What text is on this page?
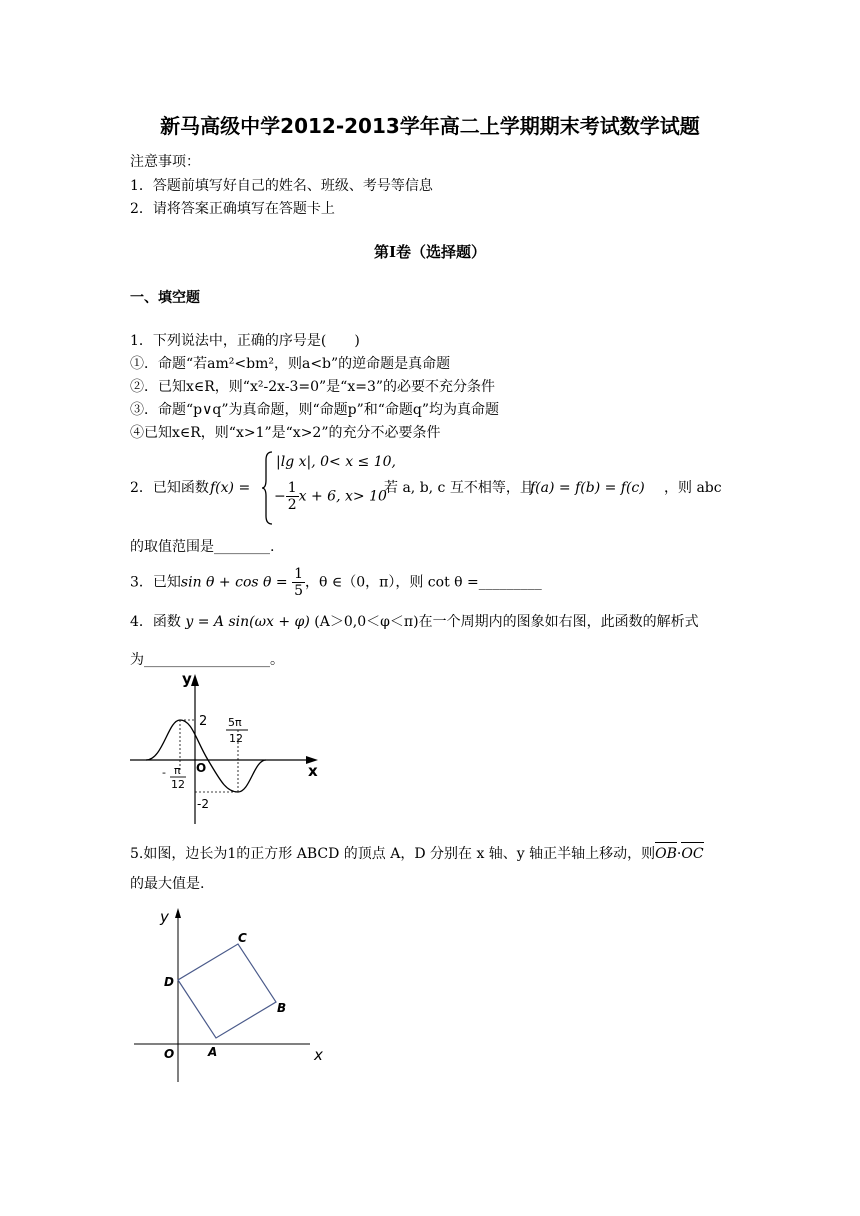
新马高级中学2012-2013学年高二上学期期末考试数学试题
注意事项：
1．答题前填写好自己的姓名、班级、考号等信息
2．请将答案正确填写在答题卡上
第I卷（选择题）
一、填空题
1．下列说法中，正确的序号是(　　)
①．命题“若am²<bm²，则a<b”的逆命题是真命题
②．已知x∈R，则“x²-2x-3=0”是“x=3”的必要不充分条件
③．命题“p∨q”为真命题，则“命题p”和“命题q”均为真命题
④已知x∈R，则“x>1”是“x>2”的充分不必要条件
2．已知函数 f(x) =
|lg x|, 0< x ≤ 10,
− $\frac{1}{2}$ x + 6, x> 10
若 a, b, c 互不相等，且
f(a) = f(b) = f(c) ，则 abc
的取值范围是________.
3．已知$\sin \theta + \cos \theta = \frac{1}{5}$ ，θ ∈（0，π），则 cot θ =_________
4．函数 y = A sin(ωx + φ) (A＞0,0＜φ＜π)在一个周期内的图象如右图，此函数的解析式
为__________________。
y
x
O
2
-2
- π
12
5π
12
5.如图，边长为1的正方形 ABCD 的顶点 A，D 分别在 x 轴、y 轴正半轴上移动，则
OB·
OC
的最大值是.
y
x
O	A
B
C
D
